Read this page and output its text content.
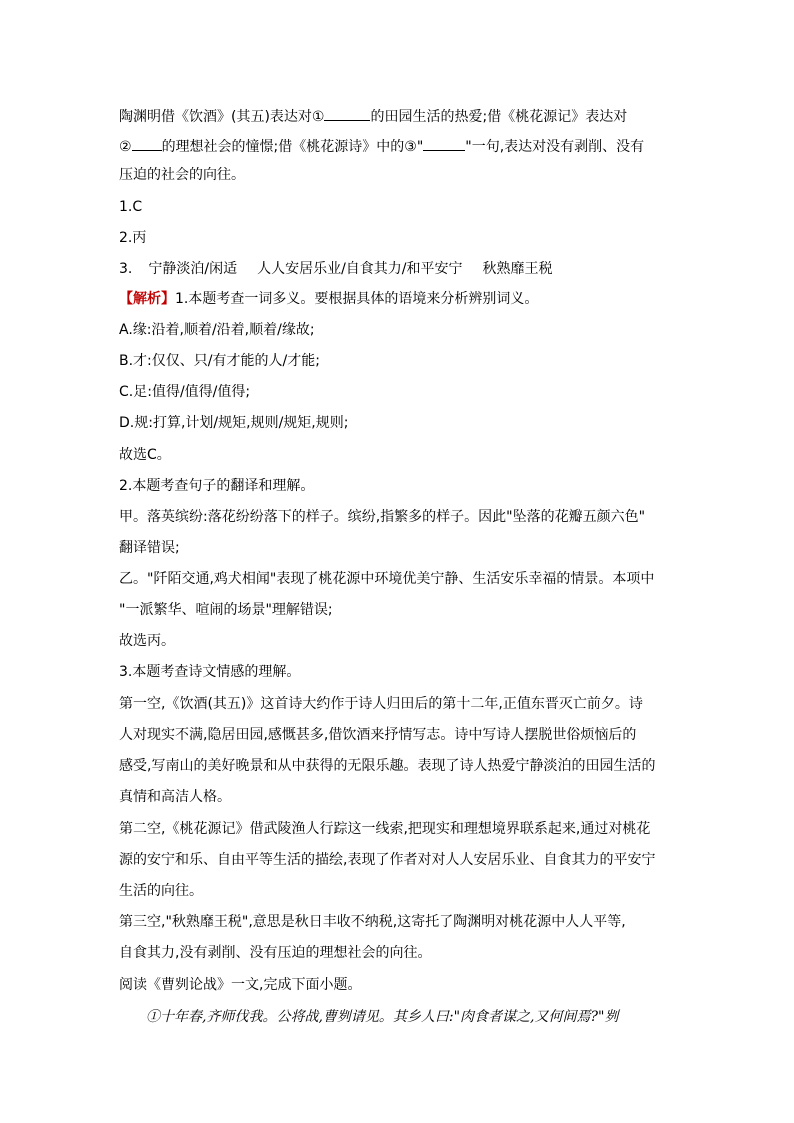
陶渊明借《饮酒》(其五)表达对①	的田园生活的热爱;借《桃花源记》表达对
② 的理想社会的憧憬;借《桃花源诗》中的③"	"一句,表达对没有剥削、没有
压迫的社会的向往。
1.C
2.丙
3. 宁静淡泊/闲适 人人安居乐业/自食其力/和平安宁 秋熟靡王税
【解析】1.本题考查一词多义。要根据具体的语境来分析辨别词义。
A.缘:沿着,顺着/沿着,顺着/缘故;
B.才:仅仅、只/有才能的人/才能;
C.足:值得/值得/值得;
D.规:打算,计划/规矩,规则/规矩,规则;
故选C。
2.本题考查句子的翻译和理解。
甲。落英缤纷:落花纷纷落下的样子。缤纷,指繁多的样子。因此"坠落的花瓣五颜六色"
翻译错误;
乙。"阡陌交通,鸡犬相闻"表现了桃花源中环境优美宁静、生活安乐幸福的情景。本项中
"一派繁华、喧闹的场景"理解错误;
故选丙。
3.本题考查诗文情感的理解。
第一空,《饮酒(其五)》这首诗大约作于诗人归田后的第十二年,正值东晋灭亡前夕。诗
人对现实不满,隐居田园,感慨甚多,借饮酒来抒情写志。诗中写诗人摆脱世俗烦恼后的
感受,写南山的美好晚景和从中获得的无限乐趣。表现了诗人热爱宁静淡泊的田园生活的
真情和高洁人格。
第二空,《桃花源记》借武陵渔人行踪这一线索,把现实和理想境界联系起来,通过对桃花
源的安宁和乐、自由平等生活的描绘,表现了作者对对人人安居乐业、自食其力的平安宁
生活的向往。
第三空,"秋熟靡王税",意思是秋日丰收不纳税,这寄托了陶渊明对桃花源中人人平等,
自食其力,没有剥削、没有压迫的理想社会的向往。
阅读《曹刿论战》一文,完成下面小题。
①十年春,齐师伐我。公将战,曹刿请见。其乡人曰:"肉食者谋之,又何间焉?"刿
